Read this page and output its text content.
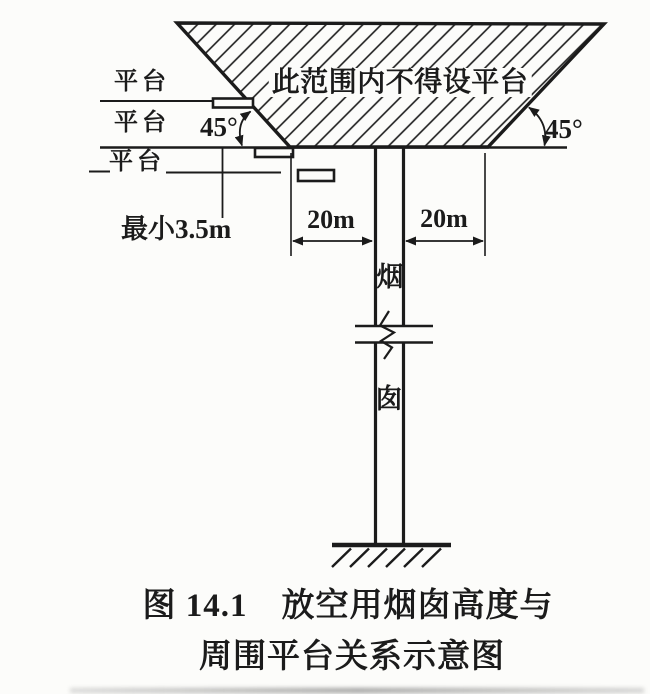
平台
平台
平台
45°	45°
此范围内不得设平台
最小3.5m	20m	20m
烟
囱
图 14.1　放空用烟囱高度与
周围平台关系示意图
